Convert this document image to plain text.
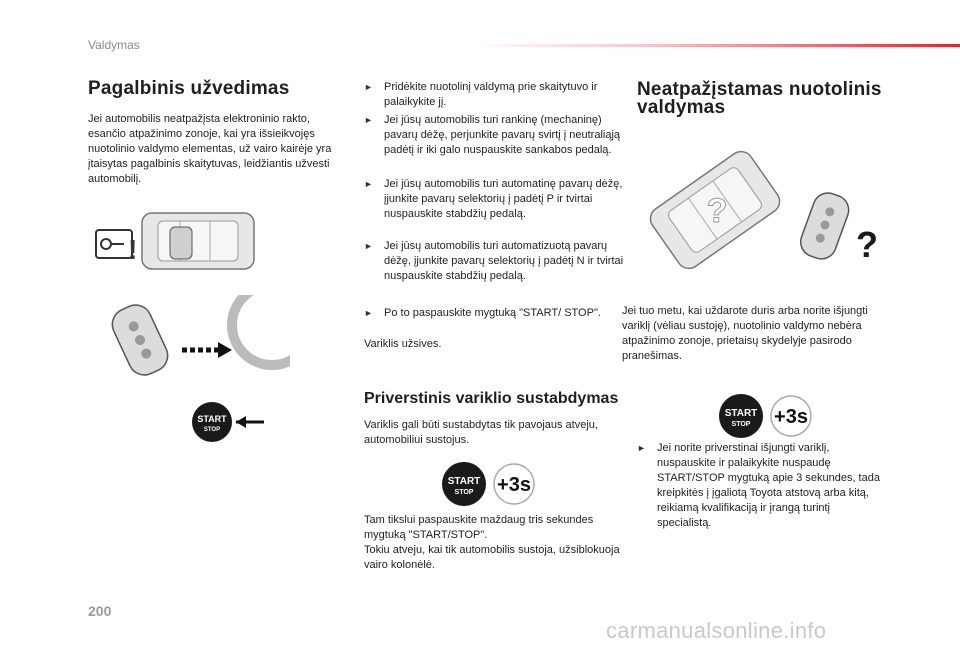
Valdymas
Pagalbinis užvedimas
Jei automobilis neatpažįsta elektroninio rakto, esančio atpažinimo zonoje, kai yra išsieikvojęs nuotolinio valdymo elementas, už vairo kairėje yra įtaisytas pagalbinis skaitytuvas, leidžiantis užvesti automobilį.
!
START
STOP
► Pridėkite nuotolinį valdymą prie skaitytuvo ir palaikykite jį.
► Jei jūsų automobilis turi rankinę (mechaninę) pavarų dėžę, perjunkite pavarų svirtį į neutraliąją padėtį ir iki galo nuspauskite sankabos pedalą.
► Jei jūsų automobilis turi automatinę pavarų dėžę, įjunkite pavarų selektorių į padėtį P ir tvirtai nuspauskite stabdžių pedalą.
► Jei jūsų automobilis turi automatizuotą pavarų dėžę, įjunkite pavarų selektorių į padėtį N ir tvirtai nuspauskite stabdžių pedalą.
► Po to paspauskite mygtuką "START/ STOP".
Variklis užsives.
Priverstinis variklio sustabdymas
Variklis gali būti sustabdytas tik pavojaus atveju, automobiliui sustojus.
START
STOP +3s
Tam tikslui paspauskite maždaug tris sekundes mygtuką "START/STOP".
Tokiu atveju, kai tik automobilis sustoja, užsiblokuoja vairo kolonėlė.
Neatpažįstamas nuotolinis
valdymas
?
?
Jei tuo metu, kai uždarote duris arba norite išjungti variklį (vėliau sustoję), nuotolinio valdymo nebėra atpažinimo zonoje, prietaisų skydelyje pasirodo pranešimas.
START
STOP +3s
► Jei norite priverstinai išjungti variklį, nuspauskite ir palaikykite nuspaudę START/STOP mygtuką apie 3 sekundes, tada kreipkitės į įgaliotą Toyota atstovą arba kitą, reikiamą kvalifikaciją ir įrangą turintį specialistą.
200
carmanualsonline.info
